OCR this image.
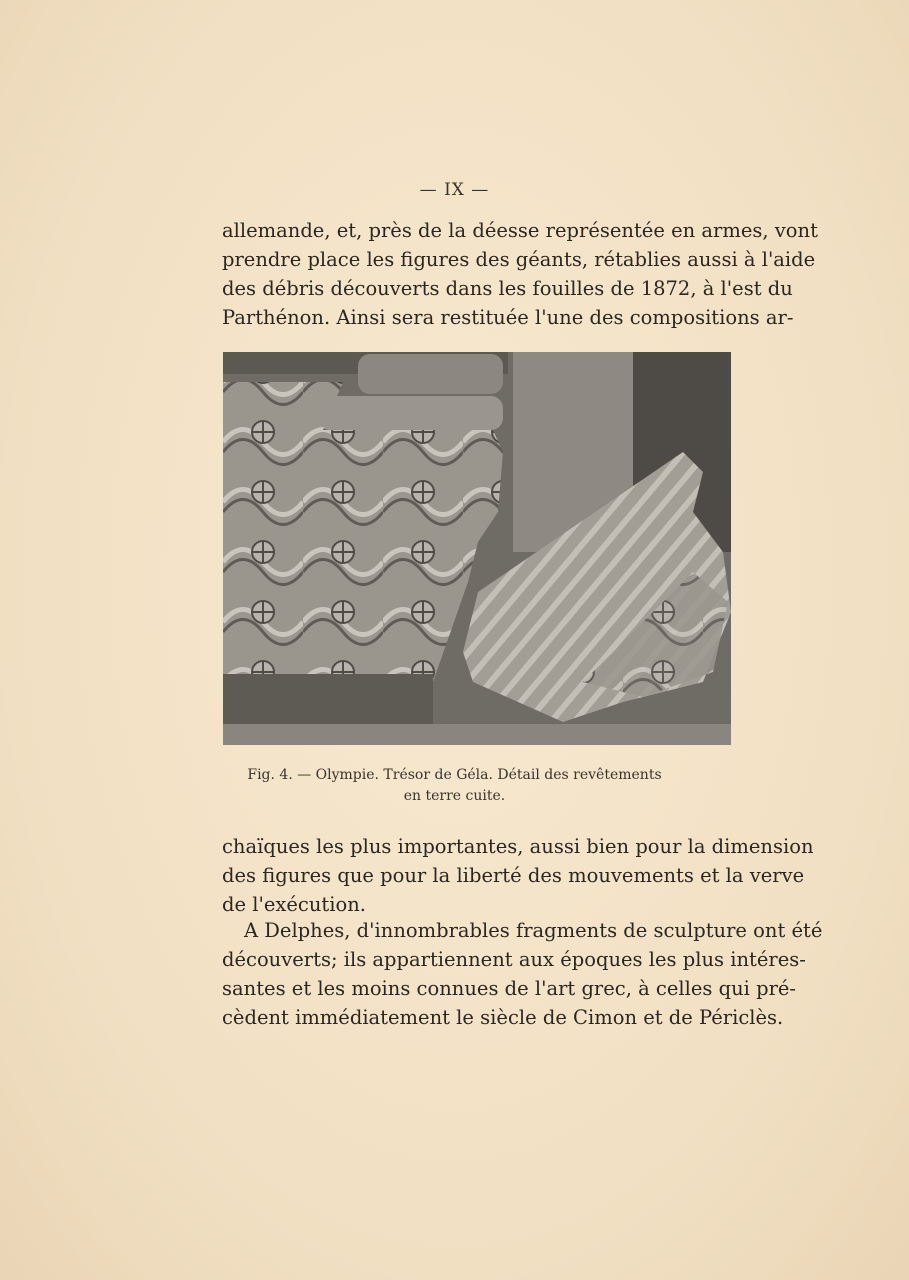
— IX —
allemande, et, près de la déesse représentée en armes, vont
prendre place les figures des géants, rétablies aussi à l'aide
des débris découverts dans les fouilles de 1872, à l'est du
Parthénon. Ainsi sera restituée l'une des compositions ar-
Fig. 4. — Olympie. Trésor de Géla. Détail des revêtements
en terre cuite.
chaïques les plus importantes, aussi bien pour la dimension
des figures que pour la liberté des mouvements et la verve
de l'exécution.
A Delphes, d'innombrables fragments de sculpture ont été
découverts; ils appartiennent aux époques les plus intéres-
santes et les moins connues de l'art grec, à celles qui pré-
cèdent immédiatement le siècle de Cimon et de Périclès.
